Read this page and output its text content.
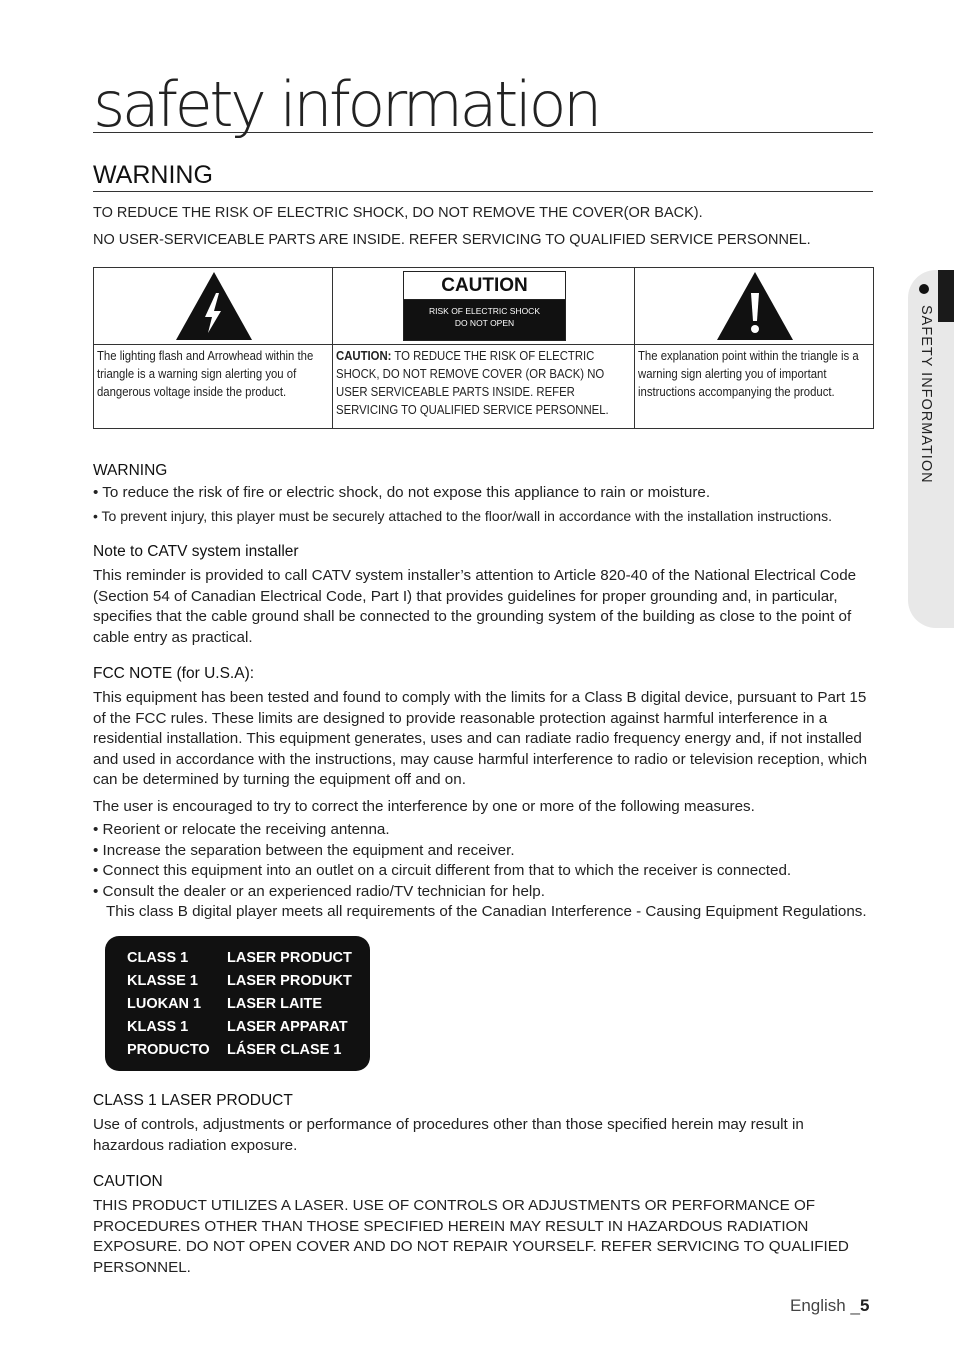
safety information
WARNING
TO REDUCE THE RISK OF ELECTRIC SHOCK, DO NOT REMOVE THE COVER(OR BACK).
NO USER-SERVICEABLE PARTS ARE INSIDE. REFER SERVICING TO QUALIFIED SERVICE PERSONNEL.

CAUTION
RISK OF ELECTRIC SHOCK
DO NOT OPEN

The lighting flash and Arrowhead within the triangle is a warning sign alerting you of dangerous voltage inside the product.	CAUTION: TO REDUCE THE RISK OF ELECTRIC SHOCK, DO NOT REMOVE COVER (OR BACK) NO USER SERVICEABLE PARTS INSIDE. REFER SERVICING TO QUALIFIED SERVICE PERSONNEL.	The explanation point within the triangle is a warning sign alerting you of important instructions accompanying the product.
WARNING
• To reduce the risk of fire or electric shock, do not expose this appliance to rain or moisture.
• To prevent injury, this player must be securely attached to the floor/wall in accordance with the installation instructions.
Note to CATV system installer
This reminder is provided to call CATV system installer’s attention to Article 820-40 of the National Electrical Code (Section 54 of Canadian Electrical Code, Part I) that provides guidelines for proper grounding and, in particular, specifies that the cable ground shall be connected to the grounding system of the building as close to the point of cable entry as practical.
FCC NOTE (for U.S.A):
This equipment has been tested and found to comply with the limits for a Class B digital device, pursuant to Part 15 of the FCC rules. These limits are designed to provide reasonable protection against harmful interference in a residential installation. This equipment generates, uses and can radiate radio frequency energy and, if not installed and used in accordance with the instructions, may cause harmful interference to radio or television reception, which can be determined by turning the equipment off and on.
The user is encouraged to try to correct the interference by one or more of the following measures.
• Reorient or relocate the receiving antenna.
• Increase the separation between the equipment and receiver.
• Connect this equipment into an outlet on a circuit different from that to which the receiver is connected.
• Consult the dealer or an experienced radio/TV technician for help.
This class B digital player meets all requirements of the Canadian Interference - Causing Equipment Regulations.
CLASS 1	LASER PRODUCT
KLASSE 1 LASER PRODUKT
LUOKAN 1 LASER LAITE
KLASS 1	LASER APPARAT
PRODUCTO LÁSER CLASE 1
CLASS 1 LASER PRODUCT
Use of controls, adjustments or performance of procedures other than those specified herein may result in hazardous radiation exposure.
CAUTION
THIS PRODUCT UTILIZES A LASER. USE OF CONTROLS OR ADJUSTMENTS OR PERFORMANCE OF PROCEDURES OTHER THAN THOSE SPECIFIED HEREIN MAY RESULT IN HAZARDOUS RADIATION EXPOSURE. DO NOT OPEN COVER AND DO NOT REPAIR YOURSELF. REFER SERVICING TO QUALIFIED PERSONNEL.
SAFETY INFORMATION
English _5
